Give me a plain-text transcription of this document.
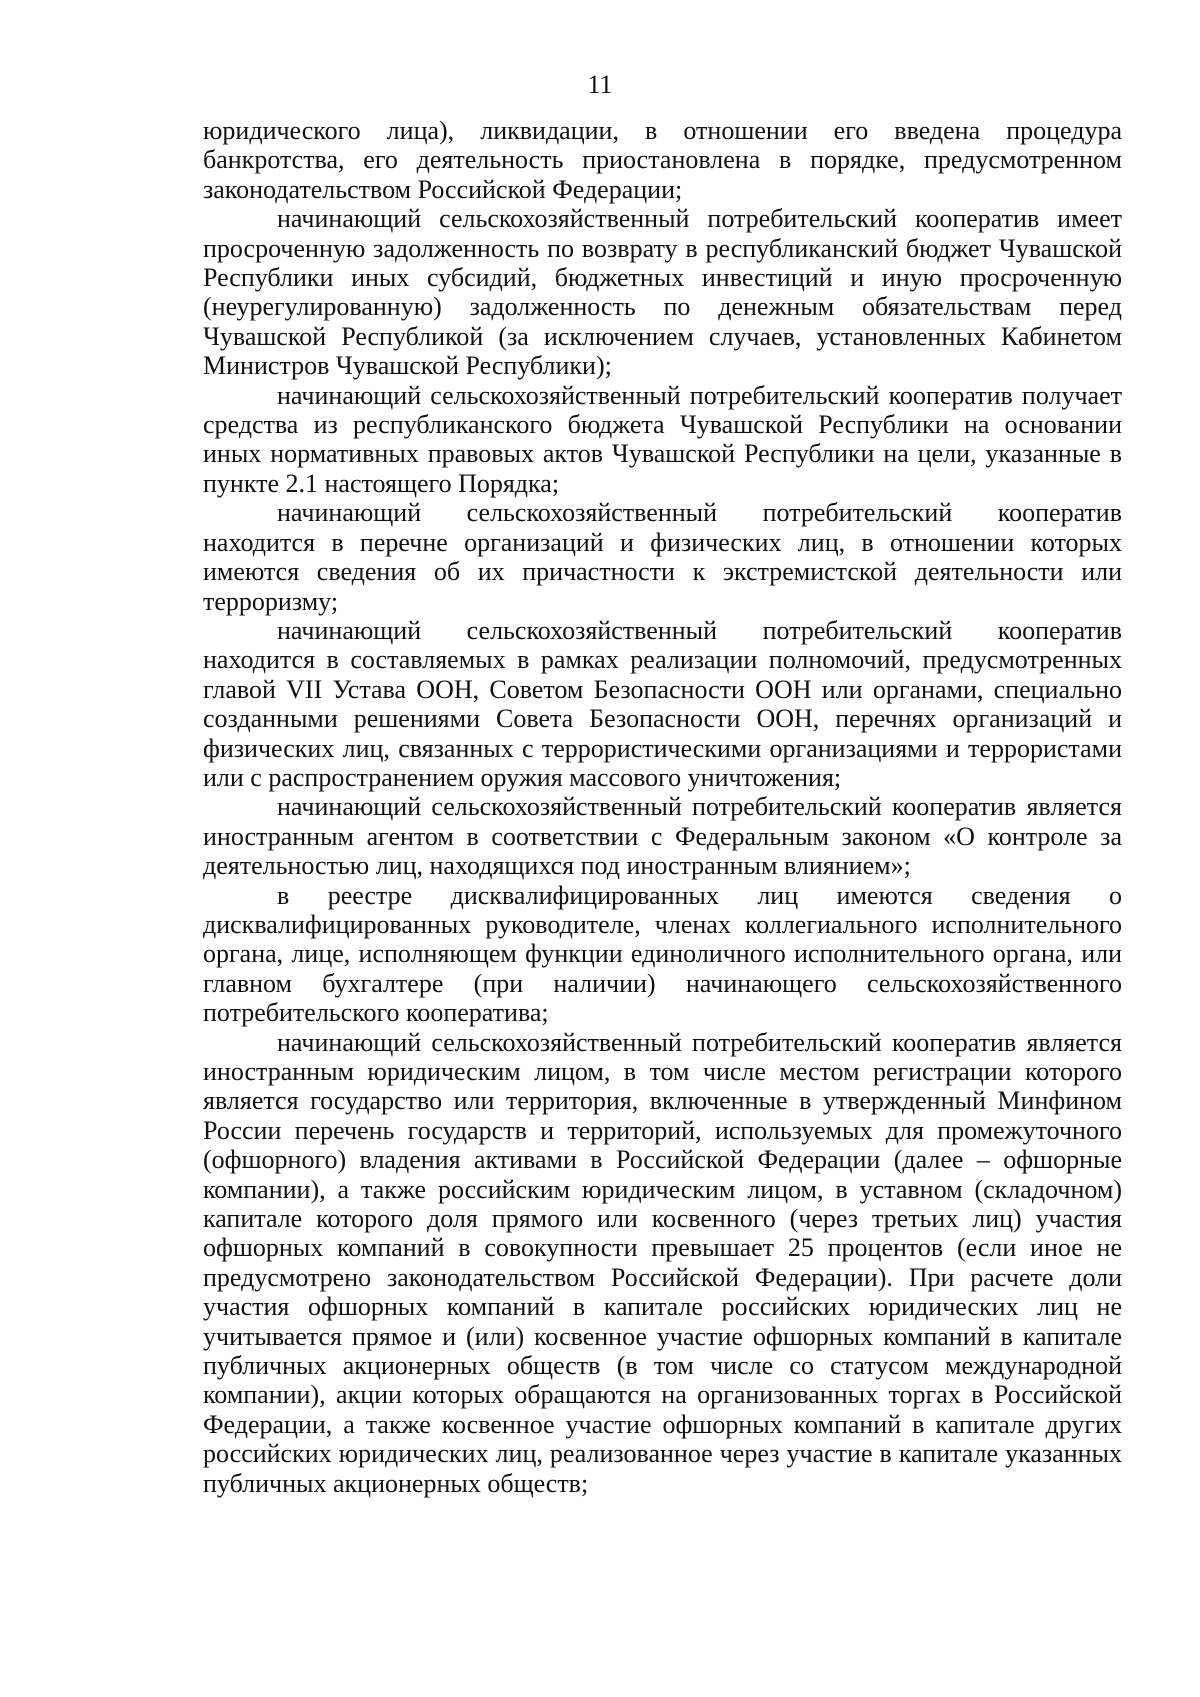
11

юридического лица), ликвидации, в отношении его введена процедура банкротства, его деятельность приостановлена в порядке, предусмотренном законодательством Российской Федерации;

начинающий сельскохозяйственный потребительский кооператив имеет просроченную задолженность по возврату в республиканский бюджет Чувашской Республики иных субсидий, бюджетных инвестиций и иную просроченную (неурегулированную) задолженность по денежным обязательствам перед Чувашской Республикой (за исключением случаев, установленных Кабинетом Министров Чувашской Республики);

начинающий сельскохозяйственный потребительский кооператив получает средства из республиканского бюджета Чувашской Республики на основании иных нормативных правовых актов Чувашской Республики на цели, указанные в пункте 2.1 настоящего Порядка;

начинающий сельскохозяйственный потребительский кооператив находится в перечне организаций и физических лиц, в отношении которых имеются сведения об их причастности к экстремистской деятельности или терроризму;

начинающий сельскохозяйственный потребительский кооператив находится в составляемых в рамках реализации полномочий, предусмотренных главой VII Устава ООН, Советом Безопасности ООН или органами, специально созданными решениями Совета Безопасности ООН, перечнях организаций и физических лиц, связанных с террористическими организациями и террористами или с распространением оружия массового уничтожения;

начинающий сельскохозяйственный потребительский кооператив является иностранным агентом в соответствии с Федеральным законом «О контроле за деятельностью лиц, находящихся под иностранным влиянием»;

в реестре дисквалифицированных лиц имеются сведения о дисквалифицированных руководителе, членах коллегиального исполнительного органа, лице, исполняющем функции единоличного исполнительного органа, или главном бухгалтере (при наличии) начинающего сельскохозяйственного потребительского кооператива;

начинающий сельскохозяйственный потребительский кооператив является иностранным юридическим лицом, в том числе местом регистрации которого является государство или территория, включенные в утвержденный Минфином России перечень государств и территорий, используемых для промежуточного (офшорного) владения активами в Российской Федерации (далее – офшорные компании), а также российским юридическим лицом, в уставном (складочном) капитале которого доля прямого или косвенного (через третьих лиц) участия офшорных компаний в совокупности превышает 25 процентов (если иное не предусмотрено законодательством Российской Федерации). При расчете доли участия офшорных компаний в капитале российских юридических лиц не учитывается прямое и (или) косвенное участие офшорных компаний в капитале публичных акционерных обществ (в том числе со статусом международной компании), акции которых обращаются на организованных торгах в Российской Федерации, а также косвенное участие офшорных компаний в капитале других российских юридических лиц, реализованное через участие в капитале указанных публичных акционерных обществ;
